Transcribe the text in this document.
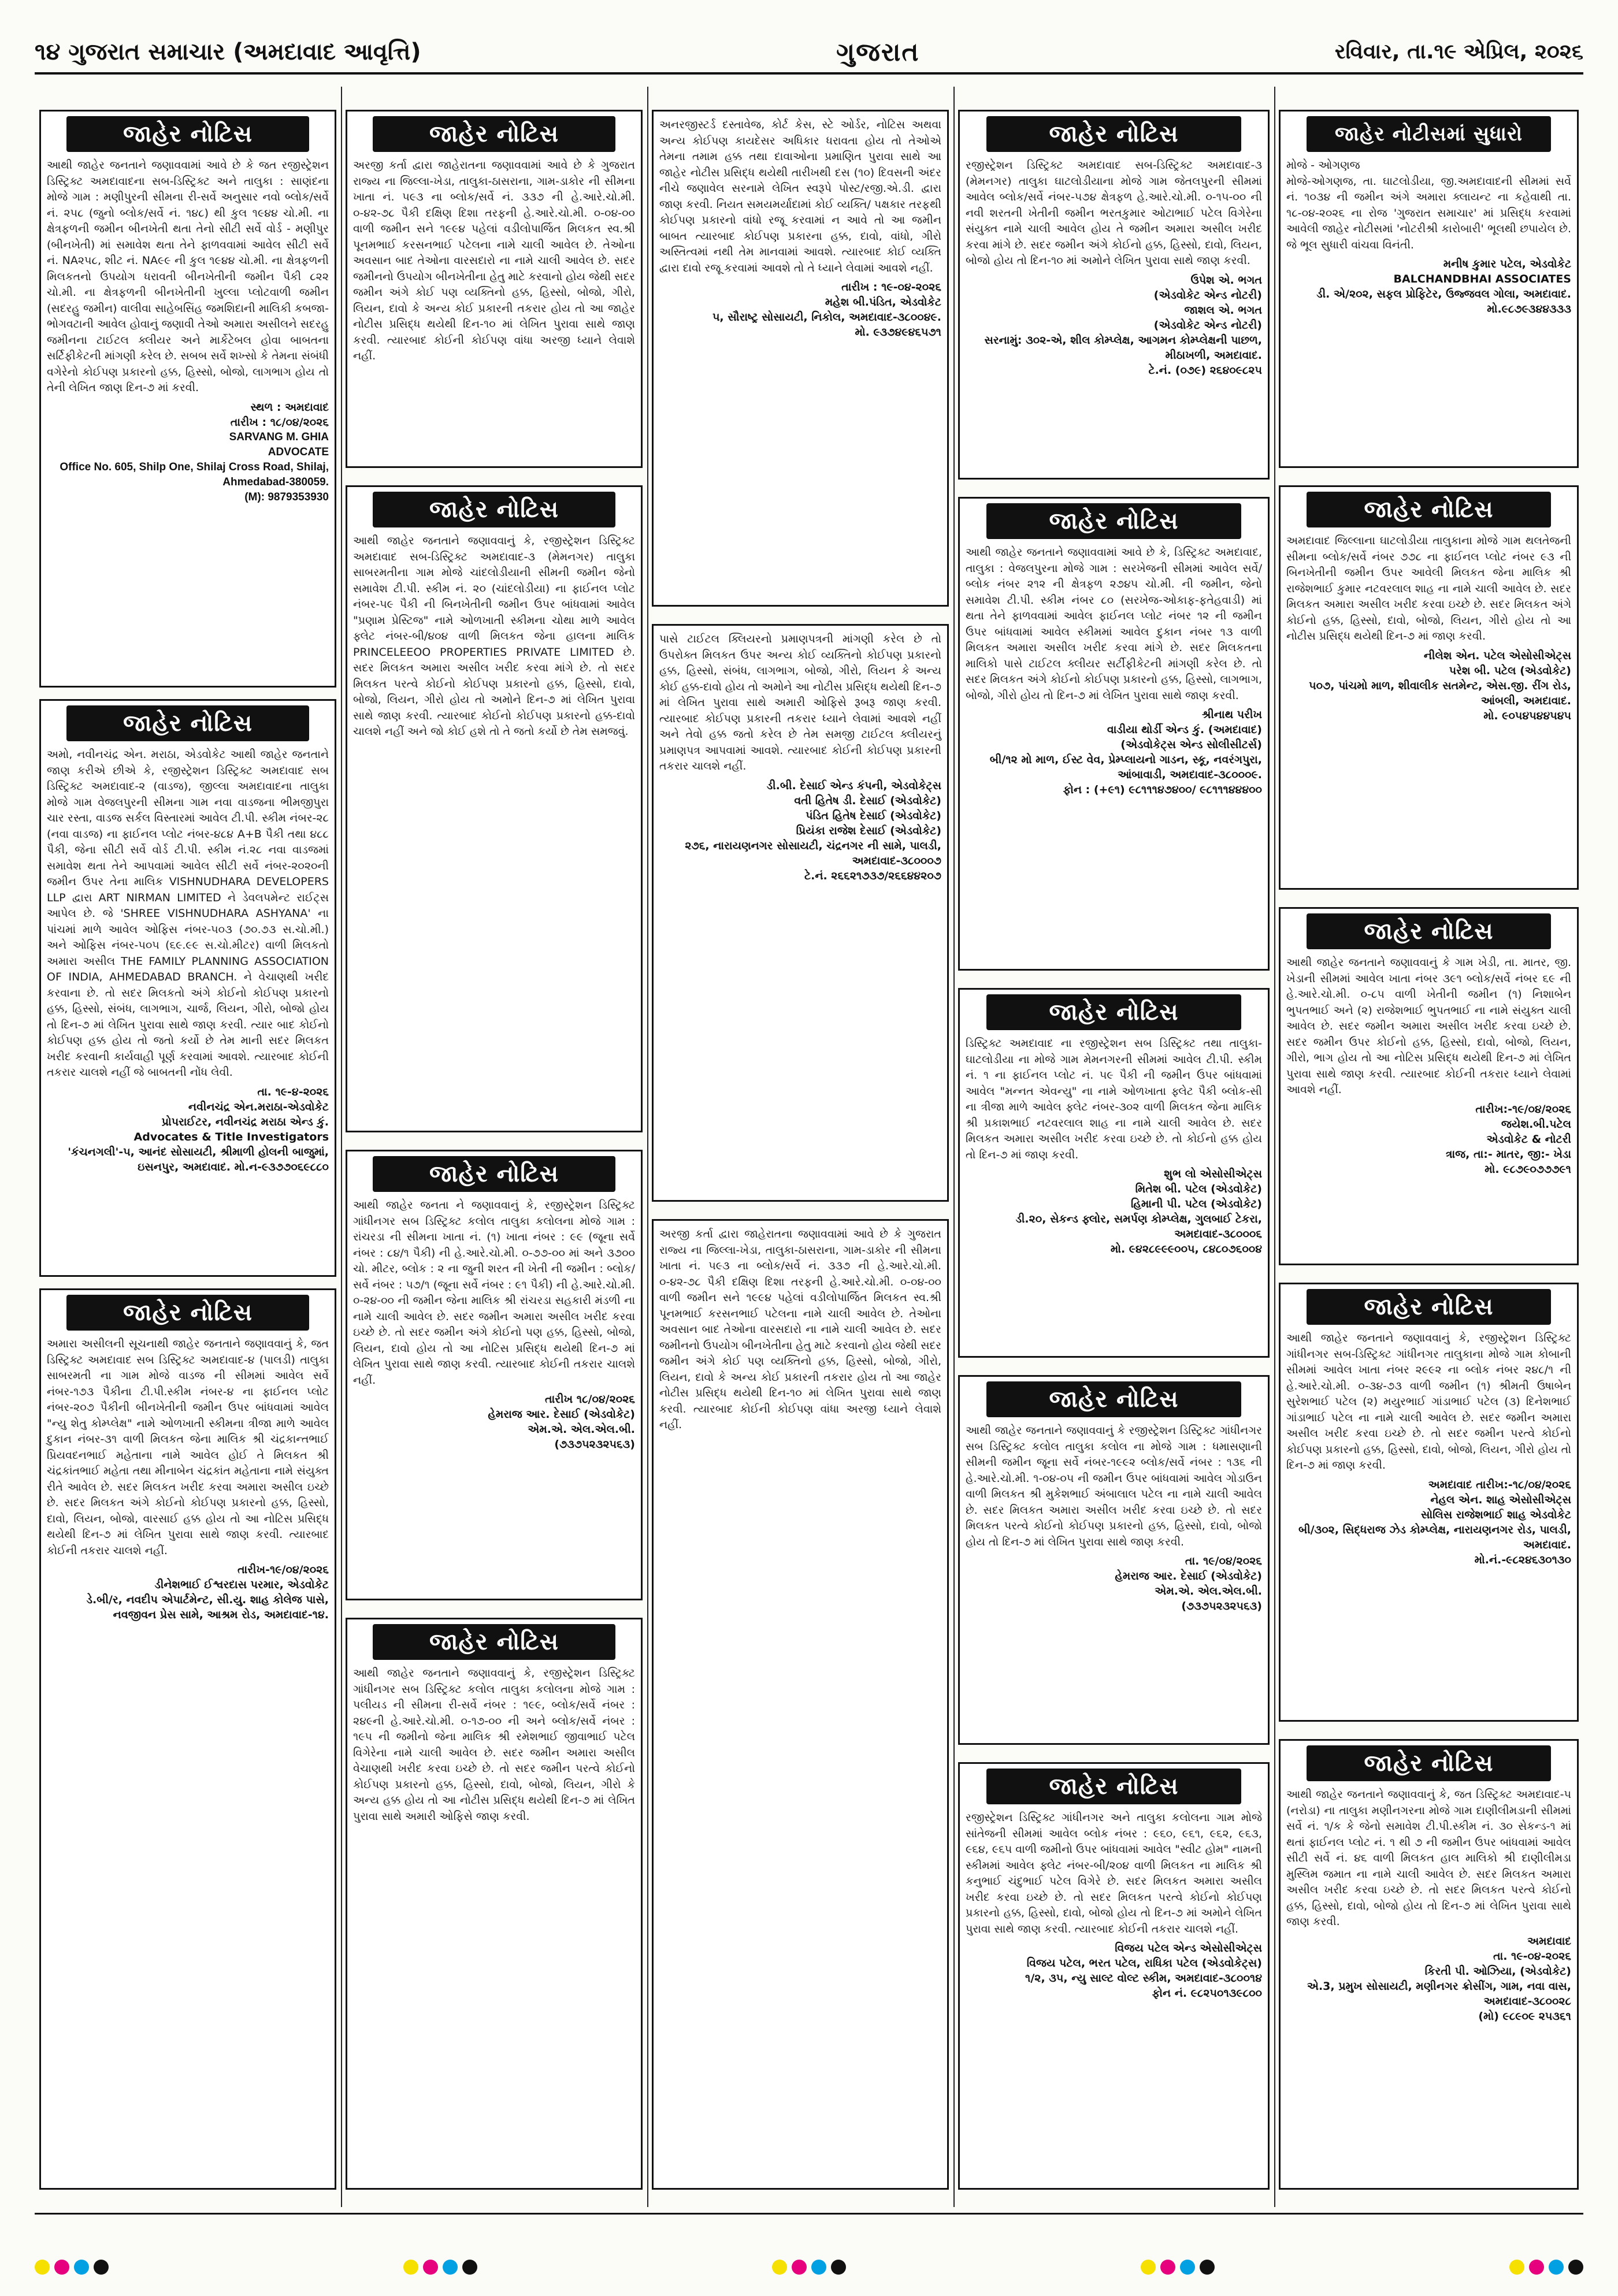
૧૪ ગુજરાત સમાચાર (અમદાવાદ આવૃત્તિ)	ગુજરાત	રવિવાર, તા.૧૯ એપ્રિલ, ૨૦૨૬
જાહેર નોટિસ
આથી જાહેર જનતાને જણાવવામાં આવે છે કે જત રજીસ્ટ્રેશન ડિસ્ટ્રિક્ટ અમદાવાદના સબ-ડિસ્ટ્રિક્ટ અને તાલુકા : સાણંદના મોજે ગામ : મણીપુરની સીમના રી-સર્વે અનુસાર નવો બ્લોક/સર્વે નં. ૨૫૮ (જુનો બ્લોક/સર્વે નં. ૧૪૮) થી કુલ ૧૯૪૪ ચો.મી. ના ક્ષેત્રફળની જમીન બીનખેતી થતા તેનો સીટી સર્વે વોર્ડ - મણીપુર (બીનખેતી) માં સમાવેશ થતા તેને ફાળવવામાં આવેલ સીટી સર્વે નં. NA૨૫૮, શીટ નં. NA૯૯ ની કુલ ૧૯૪૪ ચો.મી. ના ક્ષેત્રફળની મિલકતનો ઉપયોગ ધરાવતી બીનખેતીની જમીન પૈકી ૮૨૨ ચો.મી. ના ક્ષેત્રફળની બીનખેતીની ખુલ્લા પ્લોટવાળી જમીન (સદરહુ જમીન) વાલીવા સાહેબસિંહ જમશિદાની માલિકી કબજા-ભોગવટાની આવેલ હોવાનું જણાવી તેઓ અમારા અસીલને સદરહુ જમીનના ટાઈટલ ક્લીયર અને માર્કેટેબલ હોવા બાબતના સર્ટિફીકેટની માંગણી કરેલ છે. સબબ સર્વે શખ્સો કે તેમના સંબંધી વગેરેનો કોઈપણ પ્રકારનો હક્ક, હિસ્સો, બોજો, લાગભાગ હોય તો તેની લેખિત જાણ દિન-૭ માં કરવી.
સ્થળ : અમદાવાદ
તારીખ : ૧૮/૦૪/૨૦૨૬
SARVANG M. GHIA
ADVOCATE
Office No. 605, Shilp One, Shilaj Cross Road, Shilaj, Ahmedabad-380059.
(M): 9879353930
જાહેર નોટિસ
અમો, નવીનચંદ્ર એન. મરાઠા, એડવોકેટ આથી જાહેર જનતાને જાણ કરીએ છીએ કે, રજીસ્ટ્રેશન ડિસ્ટ્રિક્ટ અમદાવાદ સબ ડિસ્ટ્રિક્ટ અમદાવાદ-૨ (વાડજ), જીલ્લા અમદાવાદના તાલુકા મોજે ગામ વેજલપુરની સીમના ગામ નવા વાડજના ભીમજીપુરા ચાર રસ્તા, વાડજ સર્કલ વિસ્તારમાં આવેલ ટી.પી. સ્કીમ નંબર-૨૮ (નવા વાડજ) ના ફાઈનલ પ્લોટ નંબર-૪૮૪ A+B પૈકી તથા ૪૮૮ પૈકી, જેના સીટી સર્વે વોર્ડ ટી.પી. સ્કીમ નં.૨૮ નવા વાડજમાં સમાવેશ થતા તેને આપવામાં આવેલ સીટી સર્વે નંબર-૨૦૨૦ની જમીન ઉપર તેના માલિક VISHNUDHARA DEVELOPERS LLP દ્વારા ART NIRMAN LIMITED ને ડેવલપમેન્ટ રાઈટ્સ આપેલ છે. જે 'SHREE VISHNUDHARA ASHYANA' ના પાંચમાં માળે આવેલ ઓફિસ નંબર-૫૦૩ (૭૦.૭૩ સ.ચો.મી.) અને ઓફિસ નંબર-૫૦૫ (૬૯.૯૯ સ.ચો.મીટર) વાળી મિલકતો અમારા અસીલ THE FAMILY PLANNING ASSOCIATION OF INDIA, AHMEDABAD BRANCH. ને વેચાણથી ખરીદ કરવાના છે. તો સદર મિલકતો અંગે કોઈનો કોઈપણ પ્રકારનો હક્ક, હિસ્સો, સંબંધ, લાગભાગ, ચાર્જ, લિયન, ગીરો, બોજો હોય તો દિન-૭ માં લેખિત પુરાવા સાથે જાણ કરવી. ત્યાર બાદ કોઈનો કોઈપણ હક્ક હોય તો જતો કર્યો છે તેમ માની સદર મિલકત ખરીદ કરવાની કાર્યવાહી પૂર્ણ કરવામાં આવશે. ત્યારબાદ કોઈની તકરાર ચાલશે નહીં જે બાબતની નોંધ લેવી.
તા. ૧૯-૪-૨૦૨૬
નવીનચંદ્ર એન.મરાઠા-એડવોકેટ
પ્રોપરાઈટર, નવીનચંદ્ર મરાઠા એન્ડ કું.
Advocates & Title Investigators
'કંચનગલી'-૫, આનંદ સોસાયટી, શ્રીમાળી હોલની બાજુમાં, ઇસનપુર, અમદાવાદ. મો.ન-૯૩૭૭૦૬૯૮૮૦
જાહેર નોટિસ
અમારા અસીલની સૂચનાથી જાહેર જનતાને જણાવવાનું કે, જત ડિસ્ટ્રિક્ટ અમદાવાદ સબ ડિસ્ટ્રિક્ટ અમદાવાદ-૪ (પાલડી) તાલુકા સાબરમતી ના ગામ મોજે વાડજ ની સીમમાં આવેલ સર્વે નંબર-૧૭૩ પૈકીના ટી.પી.સ્કીમ નંબર-૪ ના ફાઈનલ પ્લોટ નંબર-૨૦૭ પૈકીની બીનખેતીની જમીન ઉપર બાંધવામાં આવેલ "ન્યુ શેતુ કોમ્પ્લેક્ષ" નામે ઓળખાતી સ્કીમના ત્રીજા માળે આવેલ દુકાન નંબર-૩૧ વાળી મિલકત જેના માલિક શ્રી ચંદ્રકાન્તભાઈ પ્રિયવદનભાઈ મહેતાના નામે આવેલ હોઈ તે મિલકત શ્રી ચંદ્રકાંતભાઈ મહેતા તથા મીનાબેન ચંદ્રકાંત મહેતાના નામે સંયુક્ત રીતે આવેલ છે. સદર મિલકત ખરીદ કરવા અમારા અસીલ ઇચ્છે છે. સદર મિલકત અંગે કોઈનો કોઈપણ પ્રકારનો હક્ક, હિસ્સો, દાવો, લિયન, બોજો, વારસાઈ હક્ક હોય તો આ નોટિસ પ્રસિદ્ધ થયેથી દિન-૭ માં લેખિત પુરાવા સાથે જાણ કરવી. ત્યારબાદ કોઈની તકરાર ચાલશે નહીં.
તારીખ-૧૯/૦૪/૨૦૨૬
ડીનેશભાઈ ઈશ્વરદાસ પરમાર, એડવોકેટ
ડે.બી/ર, નવદીપ એપાર્ટમેન્ટ, સી.યુ. શાહ કોલેજ પાસે, નવજીવન પ્રેસ સામે, આશ્રમ રોડ, અમદાવાદ-૧૪.
જાહેર નોટિસ
અરજી કર્તા દ્વારા જાહેરાતના જણાવવામાં આવે છે કે ગુજરાત રાજ્ય ના જિલ્લા-ખેડા, તાલુકા-ઠાસરાના, ગામ-ડાકોર ની સીમના ખાતા નં. ૫૯૩ ના બ્લોક/સર્વે નં. ૩૩૭ ની હે.આરે.ચો.મી. ૦-૪૨-૭૮ પૈકી દક્ષિણ દિશા તરફની હે.આરે.ચો.મી. ૦-૦૪-૦૦ વાળી જમીન સને ૧૯૯૪ પહેલાં વડીલોપાર્જિત મિલકત સ્વ.શ્રી પૂનમભાઈ કરસનભાઈ પટેલના નામે ચાલી આવેલ છે. તેઓના અવસાન બાદ તેઓના વારસદારો ના નામે ચાલી આવેલ છે. સદર જમીનનો ઉપયોગ બીનખેતીના હેતુ માટે કરવાનો હોય જેથી સદર જમીન અંગે કોઈ પણ વ્યક્તિનો હક્ક, હિસ્સો, બોજો, ગીરો, લિયન, દાવો કે અન્ય કોઈ પ્રકારની તકરાર હોય તો આ જાહેર નોટીસ પ્રસિદ્ધ થયેથી દિન-૧૦ માં લેખિત પુરાવા સાથે જાણ કરવી. ત્યારબાદ કોઈની કોઈપણ વાંધા અરજી ધ્યાને લેવાશે નહીં.
જાહેર નોટિસ
આથી જાહેર જનતાને જણાવવાનું કે, રજીસ્ટ્રેશન ડિસ્ટ્રિક્ટ અમદાવાદ સબ-ડિસ્ટ્રિક્ટ અમદાવાદ-૩ (મેમનગર) તાલુકા સાબરમતીના ગામ મોજે ચાંદલોડીયાની સીમની જમીન જેનો સમાવેશ ટી.પી. સ્કીમ નં. ૨૦ (ચાંદલોડીયા) ના ફાઈનલ પ્લોટ નંબર-૫૯ પૈકી ની બિનખેતીની જમીન ઉપર બાંધવામાં આવેલ "પ્રણામ પ્રેસ્ટિજ" નામે ઓળખાતી સ્કીમના ચોથા માળે આવેલ ફ્લેટ નંબર-બી/૪૦૪ વાળી મિલકત જેના હાલના માલિક PRINCELEEOO PROPERTIES PRIVATE LIMITED છે. સદર મિલકત અમારા અસીલ ખરીદ કરવા માંગે છે. તો સદર મિલકત પરત્વે કોઈનો કોઈપણ પ્રકારનો હક્ક, હિસ્સો, દાવો, બોજો, લિયન, ગીરો હોય તો અમોને દિન-૭ માં લેખિત પુરાવા સાથે જાણ કરવી. ત્યારબાદ કોઈનો કોઈપણ પ્રકારનો હક્ક-દાવો ચાલશે નહીં અને જો કોઈ હશે તો તે જતો કર્યો છે તેમ સમજવું.
જાહેર નોટિસ
આથી જાહેર જનતા ને જણાવવાનું કે, રજીસ્ટ્રેશન ડિસ્ટ્રિક્ટ ગાંધીનગર સબ ડિસ્ટ્રિક્ટ કલોલ તાલુકા કલોલના મોજે ગામ : રાંચરડા ની સીમના ખાતા નં. (૧) ખાતા નંબર : ૯૯ (જૂના સર્વે નંબર : ૮૪/૧ પૈકી) ની હે.આરે.ચો.મી. ૦-૭૭-૦૦ માં અને ૩૭૦૦ ચો. મીટર, બ્લોક : ૨ ના જુની શરત ની ખેતી ની જમીન : બ્લોક/સર્વે નંબર : ૫૭/૧ (જૂના સર્વે નંબર : ૯૧ પૈકી) ની હે.આરે.ચો.મી. ૦-૨૪-૦૦ ની જમીન જેના માલિક શ્રી રાંચરડા સહકારી મંડળી ના નામે ચાલી આવેલ છે. સદર જમીન અમારા અસીલ ખરીદ કરવા ઇચ્છે છે. તો સદર જમીન અંગે કોઈનો પણ હક્ક, હિસ્સો, બોજો, લિયન, દાવો હોય તો આ નોટિસ પ્રસિદ્ધ થયેથી દિન-૭ માં લેખિત પુરાવા સાથે જાણ કરવી. ત્યારબાદ કોઈની તકરાર ચાલશે નહીં.
તારીખ ૧૮/૦૪/૨૦૨૬
હેમરાજ આર. દેસાઈ (એડવોકેટ)
એમ.એ. એલ.એલ.બી.
(૭૩૭૫૨૩૨૫૬૩)
જાહેર નોટિસ
આથી જાહેર જનતાને જણાવવાનું કે, રજીસ્ટ્રેશન ડિસ્ટ્રિક્ટ ગાંધીનગર સબ ડિસ્ટ્રિક્ટ કલોલ તાલુકા કલોલના મોજે ગામ : પલીયડ ની સીમના રી-સર્વે નંબર : ૧૯૯, બ્લોક/સર્વે નંબર : ૨૪૯ની હે.આરે.ચો.મી. ૦-૧૭-૦૦ ની અને બ્લોક/સર્વે નંબર : ૧૯૫ ની જમીનો જેના માલિક શ્રી રમેશભાઈ જીવાભાઈ પટેલ વિગેરેના નામે ચાલી આવેલ છે. સદર જમીન અમારા અસીલ વેચાણથી ખરીદ કરવા ઇચ્છે છે. તો સદર જમીન પરત્વે કોઈનો કોઈપણ પ્રકારનો હક્ક, હિસ્સો, દાવો, બોજો, લિયન, ગીરો કે અન્ય હક્ક હોય તો આ નોટીસ પ્રસિદ્ધ થયેથી દિન-૭ માં લેખિત પુરાવા સાથે અમારી ઓફિસે જાણ કરવી.
અનરજીસ્ટર્ડ દસ્તાવેજ, કોર્ટ કેસ, સ્ટે ઓર્ડર, નોટિસ અથવા અન્ય કોઈપણ કાયદેસર અધિકાર ધરાવતા હોય તો તેઓએ તેમના તમામ હક્ક તથા દાવાઓના પ્રમાણિત પુરાવા સાથે આ જાહેર નોટીસ પ્રસિદ્ધ થયેથી તારીખથી દસ (૧૦) દિવસની અંદર નીચે જણાવેલ સરનામે લેખિત સ્વરૂપે પોસ્ટ/રજી.એ.ડી. દ્વારા જાણ કરવી. નિયત સમયમર્યાદામાં કોઈ વ્યક્તિ/ પક્ષકાર તરફથી કોઈપણ પ્રકારનો વાંધો રજૂ કરવામાં ન આવે તો આ જમીન બાબત ત્યારબાદ કોઈપણ પ્રકારના હક્ક, દાવો, વાંધો, ગીરો અસ્તિત્વમાં નથી તેમ માનવામાં આવશે. ત્યારબાદ કોઈ વ્યક્તિ દ્વારા દાવો રજૂ કરવામાં આવશે તો તે ધ્યાને લેવામાં આવશે નહીં.
તારીખ : ૧૯-૦૪-૨૦૨૬
મહેશ બી.પંડિત, એડવોકેટ
૫, સૌરાષ્ટ્ર સોસાયટી, નિકોલ, અમદાવાદ-૩૮૦૦૪૯.
મો. ૯૩૭૪૯૪૬૫૭૧
પાસે ટાઈટલ ક્લિયરનો પ્રમાણપત્રની માંગણી કરેલ છે તો ઉપરોક્ત મિલકત ઉપર અન્ય કોઈ વ્યક્તિનો કોઈપણ પ્રકારનો હક્ક, હિસ્સો, સંબંધ, લાગભાગ, બોજો, ગીરો, લિયન કે અન્ય કોઈ હક્ક-દાવો હોય તો અમોને આ નોટીસ પ્રસિદ્ધ થયેથી દિન-૭ માં લેખિત પુરાવા સાથે અમારી ઓફિસે રૂબરૂ જાણ કરવી. ત્યારબાદ કોઈપણ પ્રકારની તકરાર ધ્યાને લેવામાં આવશે નહીં અને તેવો હક્ક જતો કરેલ છે તેમ સમજી ટાઈટલ ક્લીયરનું પ્રમાણપત્ર આપવામાં આવશે. ત્યારબાદ કોઈની કોઈપણ પ્રકારની તકરાર ચાલશે નહીં.
ડી.બી. દેસાઈ એન્ડ કંપની, એડવોકેટ્સ
વતી હિતેષ ડી. દેસાઈ (એડવોકેટ)
પંડિત હિતેષ દેસાઈ (એડવોકેટ)
પ્રિયંકા રાજેશ દેસાઈ (એડવોકેટ)
૨૭૬, નારાયણનગર સોસાયટી, ચંદ્રનગર ની સામે, પાલડી, અમદાવાદ-૩૮૦૦૦૭
ટે.નં. ૨૬૬૨૧૭૩૭/૨૬૬૪૪૨૦૭
અરજી કર્તા દ્વારા જાહેરાતના જણાવવામાં આવે છે કે ગુજરાત રાજ્ય ના જિલ્લા-ખેડા, તાલુકા-ઠાસરાના, ગામ-ડાકોર ની સીમના ખાતા નં. ૫૯૩ ના બ્લોક/સર્વે નં. ૩૩૭ ની હે.આરે.ચો.મી. ૦-૪૨-૭૮ પૈકી દક્ષિણ દિશા તરફની હે.આરે.ચો.મી. ૦-૦૪-૦૦ વાળી જમીન સને ૧૯૯૪ પહેલાં વડીલોપાર્જિત મિલકત સ્વ.શ્રી પૂનમભાઈ કરસનભાઈ પટેલના નામે ચાલી આવેલ છે. તેઓના અવસાન બાદ તેઓના વારસદારો ના નામે ચાલી આવેલ છે. સદર જમીનનો ઉપયોગ બીનખેતીના હેતુ માટે કરવાનો હોય જેથી સદર જમીન અંગે કોઈ પણ વ્યક્તિનો હક્ક, હિસ્સો, બોજો, ગીરો, લિયન, દાવો કે અન્ય કોઈ પ્રકારની તકરાર હોય તો આ જાહેર નોટીસ પ્રસિદ્ધ થયેથી દિન-૧૦ માં લેખિત પુરાવા સાથે જાણ કરવી. ત્યારબાદ કોઈની કોઈપણ વાંધા અરજી ધ્યાને લેવાશે નહીં.
જાહેર નોટિસ
રજીસ્ટ્રેશન ડિસ્ટ્રિક્ટ અમદાવાદ સબ-ડિસ્ટ્રિક્ટ અમદાવાદ-૩ (મેમનગર) તાલુકા ઘાટલોડીયાના મોજે ગામ જેતલપુરની સીમમાં આવેલ બ્લોક/સર્વે નંબર-૫૭૪ ક્ષેત્રફળ હે.આરે.ચો.મી. ૦-૧૫-૦૦ ની નવી શરતની ખેતીની જમીન ભરતકુમાર ઓટાભાઈ પટેલ વિગેરેના સંયુક્ત નામે ચાલી આવેલ હોય તે જમીન અમારા અસીલ ખરીદ કરવા માંગે છે. સદર જમીન અંગે કોઈનો હક્ક, હિસ્સો, દાવો, લિયન, બોજો હોય તો દિન-૧૦ માં અમોને લેખિત પુરાવા સાથે જાણ કરવી.
ઉપેશ એ. ભગત
(એડવોકેટ એન્ડ નોટરી)
જાશલ એ. ભગત
(એડવોકેટ એન્ડ નોટરી)
સરનામું: ૩૦૨-એ, શીલ કોમ્પ્લેક્ષ, આગમન કોમ્પ્લેક્ષની પાછળ, મીઠાખળી, અમદાવાદ.
ટે.નં. (૦૭૯) ૨૬૪૦૯૮૨૫
જાહેર નોટિસ
આથી જાહેર જનતાને જણાવવામાં આવે છે કે, ડિસ્ટ્રિક્ટ અમદાવાદ, તાલુકા : વેજલપુરના મોજે ગામ : સરખેજની સીમમાં આવેલ સર્વે/બ્લોક નંબર ૨૧૨ ની ક્ષેત્રફળ ૨૭૪૫ ચો.મી. ની જમીન, જેનો સમાવેશ ટી.પી. સ્કીમ નંબર ૮૦ (સરખેજ-ઓકાફ-ફતેહવાડી) માં થતા તેને ફાળવવામાં આવેલ ફાઈનલ પ્લોટ નંબર ૧૨ ની જમીન ઉપર બાંધવામાં આવેલ સ્કીમમાં આવેલ દુકાન નંબર ૧૩ વાળી મિલકત અમારા અસીલ ખરીદ કરવા માંગે છે. સદર મિલકતના માલિકો પાસે ટાઈટલ ક્લીયર સર્ટીફીકેટની માંગણી કરેલ છે. તો સદર મિલકત અંગે કોઈનો કોઈપણ પ્રકારનો હક્ક, હિસ્સો, લાગભાગ, બોજો, ગીરો હોય તો દિન-૭ માં લેખિત પુરાવા સાથે જાણ કરવી.
શ્રીનાથ પરીખ
વાડીયા થોર્ડી એન્ડ કું. (અમદાવાદ)
(એડવોકેટ્સ એન્ડ સોલીસીટર્સ)
બી/૧૨ મો માળ, ઈસ્ટ વેવ, પ્રેમ્પ્લાયનો ગાડન, સ્કૂ, નવરંગપુરા, આંબાવાડી, અમદાવાદ-૩૮૦૦૦૯.
ફોન : (+૯૧) ૯૮૧૧૧૪૭૪૦૦/ ૯૮૧૧૧૪૪૪૦૦
જાહેર નોટિસ
ડિસ્ટ્રિક્ટ અમદાવાદ ના રજીસ્ટ્રેશન સબ ડિસ્ટ્રિક્ટ તથા તાલુકા-ઘાટલોડીયા ના મોજે ગામ મેમનગરની સીમમાં આવેલ ટી.પી. સ્કીમ નં. ૧ ના ફાઈનલ પ્લોટ નં. ૫૯ પૈકી ની જમીન ઉપર બાંધવામાં આવેલ "મન્નત એવન્યુ" ના નામે ઓળખાતા ફ્લેટ પૈકી બ્લોક-સી ના ત્રીજા માળે આવેલ ફ્લેટ નંબર-૩૦૨ વાળી મિલકત જેના માલિક શ્રી પ્રકાશભાઈ નટવરલાલ શાહ ના નામે ચાલી આવેલ છે. સદર મિલકત અમારા અસીલ ખરીદ કરવા ઇચ્છે છે. તો કોઈનો હક્ક હોય તો દિન-૭ માં જાણ કરવી.
શુભ લો એસોસીએટ્સ
મિતેશ બી. પટેલ (એડવોકેટ)
હિમાની પી. પટેલ (એડવોકેટ)
ડી.૨૦, સેકન્ડ ફ્લોર, સમર્પણ કોમ્પ્લેક્ષ, ગુલબાઈ ટેકરા, અમદાવાદ-૩૮૦૦૦૬
મો. ૯૪૨૮૯૯૯૦૦૫, ૮૪૮૦૭૬૦૦૪
જાહેર નોટિસ
આથી જાહેર જનતાને જણાવવાનું કે રજીસ્ટ્રેશન ડિસ્ટ્રિક્ટ ગાંધીનગર સબ ડિસ્ટ્રિક્ટ કલોલ તાલુકા કલોલ ના મોજે ગામ : ધમાસણાની સીમની જમીન જૂના સર્વે નંબર-૧૯૯૨ બ્લોક/સર્વે નંબર : ૧૩૬ ની હે.આરે.ચો.મી. ૧-૦૪-૦૫ ની જમીન ઉપર બાંધવામાં આવેલ ગોડાઉન વાળી મિલકત શ્રી મુકેશભાઈ અંબાલાલ પટેલ ના નામે ચાલી આવેલ છે. સદર મિલકત અમારા અસીલ ખરીદ કરવા ઇચ્છે છે. તો સદર મિલકત પરત્વે કોઈનો કોઈપણ પ્રકારનો હક્ક, હિસ્સો, દાવો, બોજો હોય તો દિન-૭ માં લેખિત પુરાવા સાથે જાણ કરવી.
તા. ૧૯/૦૪/૨૦૨૬
હેમરાજ આર. દેસાઈ (એડવોકેટ)
એમ.એ. એલ.એલ.બી.
(૭૩૭૫૨૩૨૫૬૩)
જાહેર નોટિસ
રજીસ્ટ્રેશન ડિસ્ટ્રિક્ટ ગાંધીનગર અને તાલુકા કલોલના ગામ મોજે સાંતેજની સીમમાં આવેલ બ્લોક નંબર : ૯૬૦, ૯૬૧, ૯૬૨, ૯૬૩, ૯૬૪, ૯૬૫ વાળી જમીનો ઉપર બાંધવામાં આવેલ "સ્વીટ હોમ" નામની સ્કીમમાં આવેલ ફ્લેટ નંબર-બી/૨૦૪ વાળી મિલકત ના માલિક શ્રી કનુભાઈ ચંદુભાઈ પટેલ વિગેરે છે. સદર મિલકત અમારા અસીલ ખરીદ કરવા ઇચ્છે છે. તો સદર મિલકત પરત્વે કોઈનો કોઈપણ પ્રકારનો હક્ક, હિસ્સો, દાવો, બોજો હોય તો દિન-૭ માં અમોને લેખિત પુરાવા સાથે જાણ કરવી. ત્યારબાદ કોઈની તકરાર ચાલશે નહીં.
વિજય પટેલ એન્ડ એસોસીએટ્સ
વિજય પટેલ, ભરત પટેલ, રાધિકા પટેલ (એડવોકેટ્સ)
૧/૨, ૩૫, ન્યુ સાલ્ટ વોલ્ટ સ્કીમ, અમદાવાદ-૩૮૦૦૧૪
ફોન નં. ૯૮૨૫૦૧૩૯૮૦૦
જાહેર નોટીસમાં સુધારો
મોજે - ઓગણજ
મોજે-ઓગણજ, તા. ઘાટલોડીયા, જી.અમદાવાદની સીમમાં સર્વે નં. ૧૦૩૪ ની જમીન અંગે અમારા ક્લાયન્ટ ના કહેવાથી તા. ૧૮-૦૪-૨૦૨૬ ના રોજ 'ગુજરાત સમાચાર' માં પ્રસિદ્ધ કરવામાં આવેલી જાહેર નોટીસમાં 'નોટરીશ્રી કારોબારી' ભૂલથી છપાયેલ છે. જે ભૂલ સુધારી વાંચવા વિનંતી.
મનીષ કુમાર પટેલ, એડવોકેટ
BALCHANDBHAI ASSOCIATES
ડી. એ/૨૦૨, સફલ પ્રોફિટેર, ઉજ્જવલ ગોલા, અમદાવાદ.
મો.૯૮૭૯૩૪૪૩૩૩
જાહેર નોટિસ
અમદાવાદ જિલ્લાના ઘાટલોડીયા તાલુકાના મોજે ગામ થલતેજની સીમના બ્લોક/સર્વે નંબર ૭૭૮ ના ફાઈનલ પ્લોટ નંબર ૯૩ ની બિનખેતીની જમીન ઉપર આવેલી મિલકત જેના માલિક શ્રી રાજેશભાઈ કુમાર નટવરલાલ શાહ ના નામે ચાલી આવેલ છે. સદર મિલકત અમારા અસીલ ખરીદ કરવા ઇચ્છે છે. સદર મિલકત અંગે કોઈનો હક્ક, હિસ્સો, દાવો, બોજો, લિયન, ગીરો હોય તો આ નોટીસ પ્રસિદ્ધ થયેથી દિન-૭ માં જાણ કરવી.
નીલેશ એન. પટેલ એસોસીએટ્સ
પરેશ બી. પટેલ (એડવોકેટ)
૫૦૭, પાંચમો માળ, શીવાલીક સતમેન્ટ, એસ.જી. રીંગ રોડ, આંબલી, અમદાવાદ.
મો. ૯૦૫૪૫૪૪૫૪૫
જાહેર નોટિસ
આથી જાહેર જનતાને જણાવવાનું કે ગામ ખેડી, તા. માતર, જી. ખેડાની સીમમાં આવેલ ખાતા નંબર ૩૯૧ બ્લોક/સર્વે નંબર ૬૯ ની હે.આરે.ચો.મી. ૦-૮૫ વાળી ખેતીની જમીન (૧) નિશાબેન ભુપતભાઈ અને (૨) રાજેશભાઈ ભુપતભાઈ ના નામે સંયુક્ત ચાલી આવેલ છે. સદર જમીન અમારા અસીલ ખરીદ કરવા ઇચ્છે છે. સદર જમીન ઉપર કોઈનો હક્ક, હિસ્સો, દાવો, બોજો, લિયન, ગીરો, ભાગ હોય તો આ નોટિસ પ્રસિદ્ધ થયેથી દિન-૭ માં લેખિત પુરાવા સાથે જાણ કરવી. ત્યારબાદ કોઈની તકરાર ધ્યાને લેવામાં આવશે નહીં.
તારીખ:-૧૯/૦૪/૨૦૨૬
જયેશ.બી.પટેલ
એડવોકેટ & નોટરી
ત્રાજ, તા:- માતર, જી:- ખેડા
મો. ૯૮૭૯૦૭૭૭૯૧
જાહેર નોટિસ
આથી જાહેર જનતાને જણાવવાનું કે, રજીસ્ટ્રેશન ડિસ્ટ્રિક્ટ ગાંધીનગર સબ-ડિસ્ટ્રિક્ટ ગાંધીનગર તાલુકાના મોજે ગામ કોબાની સીમમાં આવેલ ખાતા નંબર ૨૯૯૨ ના બ્લોક નંબર ૨૪૮/૧ ની હે.આરે.ચો.મી. ૦-૩૪-૭૩ વાળી જમીન (૧) શ્રીમતી ઉષાબેન સુરેશભાઈ પટેલ (૨) મયુરભાઈ ગાંડાભાઈ પટેલ (૩) દિનેશભાઈ ગાંડાભાઈ પટેલ ના નામે ચાલી આવેલ છે. સદર જમીન અમારા અસીલ ખરીદ કરવા ઇચ્છે છે. તો સદર જમીન પરત્વે કોઈનો કોઈપણ પ્રકારનો હક્ક, હિસ્સો, દાવો, બોજો, લિયન, ગીરો હોય તો દિન-૭ માં જાણ કરવી.
અમદાવાદ તારીખ:-૧૮/૦૪/૨૦૨૬
નેહલ એન. શાહ એસોસીએટ્સ
સોલિસ રાજેશભાઈ શાહ એડવોકેટ
બી/૩૦૨, સિદ્ધરાજ ઝેડ કોમ્પ્લેક્ષ, નારાયણનગર રોડ, પાલડી, અમદાવાદ.
મો.નં.-૯૮૨૪૬૩૦૧૩૦
જાહેર નોટિસ
આથી જાહેર જનતાને જણાવવાનું કે, જત ડિસ્ટ્રિક્ટ અમદાવાદ-૫ (નરોડા) ના તાલુકા મણીનગરના મોજે ગામ દાણીલીમડાની સીમમાં સર્વે નં. ૧/ક કે જેનો સમાવેશ ટી.પી.સ્કીમ નં. ૩૦ સેકન્ડ-૧ માં થતાં ફાઈનલ પ્લોટ નં. ૧ થી ૭ ની જમીન ઉપર બાંધવામાં આવેલ સીટી સર્વે નં. ૪૬ વાળી મિલકત હાલ માલિકો શ્રી દાણીલીમડા મુસ્લિમ જમાત ના નામે ચાલી આવેલ છે. સદર મિલકત અમારા અસીલ ખરીદ કરવા ઇચ્છે છે. તો સદર મિલકત પરત્વે કોઈનો હક્ક, હિસ્સો, દાવો, બોજો હોય તો દિન-૭ માં લેખિત પુરાવા સાથે જાણ કરવી.
અમદાવાદ
તા. ૧૯-૦૪-૨૦૨૬
કિરતી પી. ઓઝિયા, (એડવોકેટ)
એ.3, પ્રમુખ સોસાયટી, મણીનગર ક્રોસીંગ, ગામ, નવા વાસ, અમદાવાદ-૩૮૦૦૨૮
(મો) ૯૮૯૦૯ ૨૫૩૬૧
